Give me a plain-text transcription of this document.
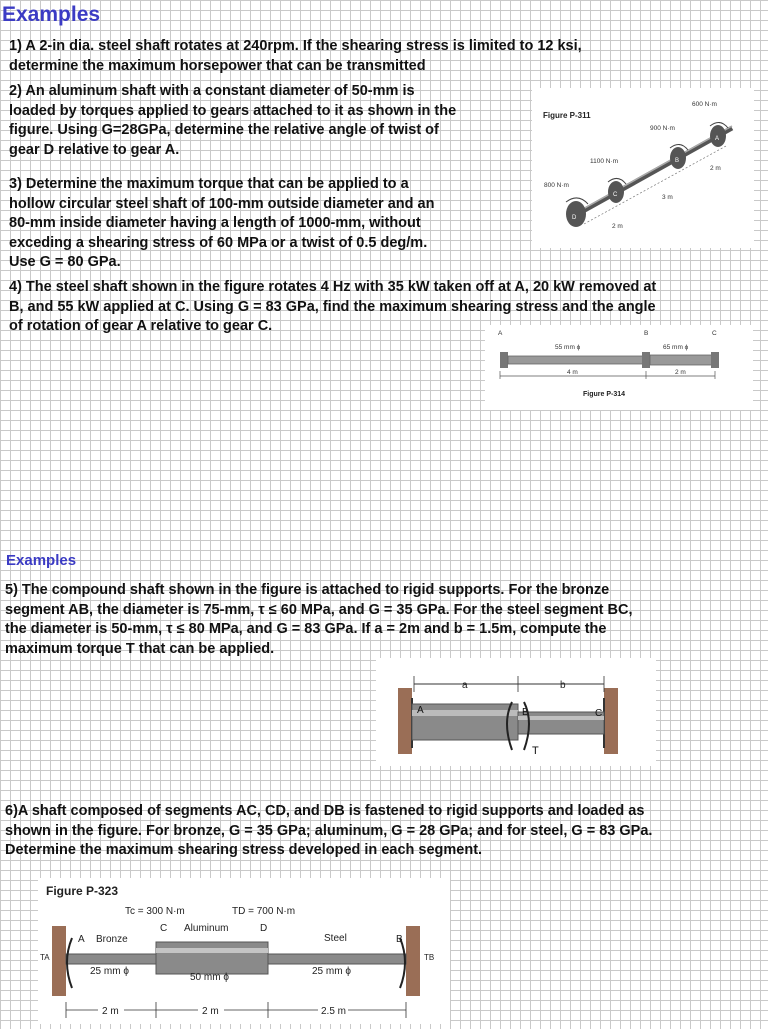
Examples
1) A 2-in dia. steel shaft rotates at 240rpm. If the shearing stress is limited to 12 ksi,
determine the maximum horsepower that can be transmitted
2) An aluminum shaft with a constant diameter of 50-mm is
loaded by torques applied to gears attached to it as shown in the
figure. Using G=28GPa, determine the relative angle of twist of
gear D relative to gear A.
3) Determine the maximum torque that can be applied to a
hollow circular steel shaft of 100-mm outside diameter and an
80-mm inside diameter having a length of 1000-mm, without
exceding a shearing stress of 60 MPa or a twist of 0.5 deg/m.
Use G = 80 GPa.
4) The steel shaft shown in the figure rotates 4 Hz with 35 kW taken off at A, 20 kW removed at
B, and 55 kW applied at C. Using G = 83 GPa, find the maximum shearing stress and the angle
of rotation of gear A relative to gear C.
Figure P-311
600 N·m
900 N·m
1100 N·m
800 N·m
A
B
C
D
2 m
3 m
2 m
A	B	C
55 mm ϕ	65 mm ϕ
4 m	2 m
Figure P-314
Examples
5) The compound shaft shown in the figure is attached to rigid supports. For the bronze
segment AB, the diameter is 75-mm, τ ≤ 60 MPa, and G = 35 GPa. For the steel segment BC,
the diameter is 50-mm, τ ≤ 80 MPa, and G = 83 GPa. If a = 2m and b = 1.5m, compute the
maximum torque T that can be applied.
a	b
A	B	C
T
6)A shaft composed of segments AC, CD, and DB is fastened to rigid supports and loaded as
shown in the figure. For bronze, G = 35 GPa; aluminum, G = 28 GPa; and for steel, G = 83 GPa.
Determine the maximum shearing stress developed in each segment.
Figure P-323
Tc = 300 N·m	TD = 700 N·m
C Aluminum	D
A Bronze	Steel	B
TA	TB
25 mm ϕ
50 mm ϕ
25 mm ϕ
2 m	2 m	2.5 m
